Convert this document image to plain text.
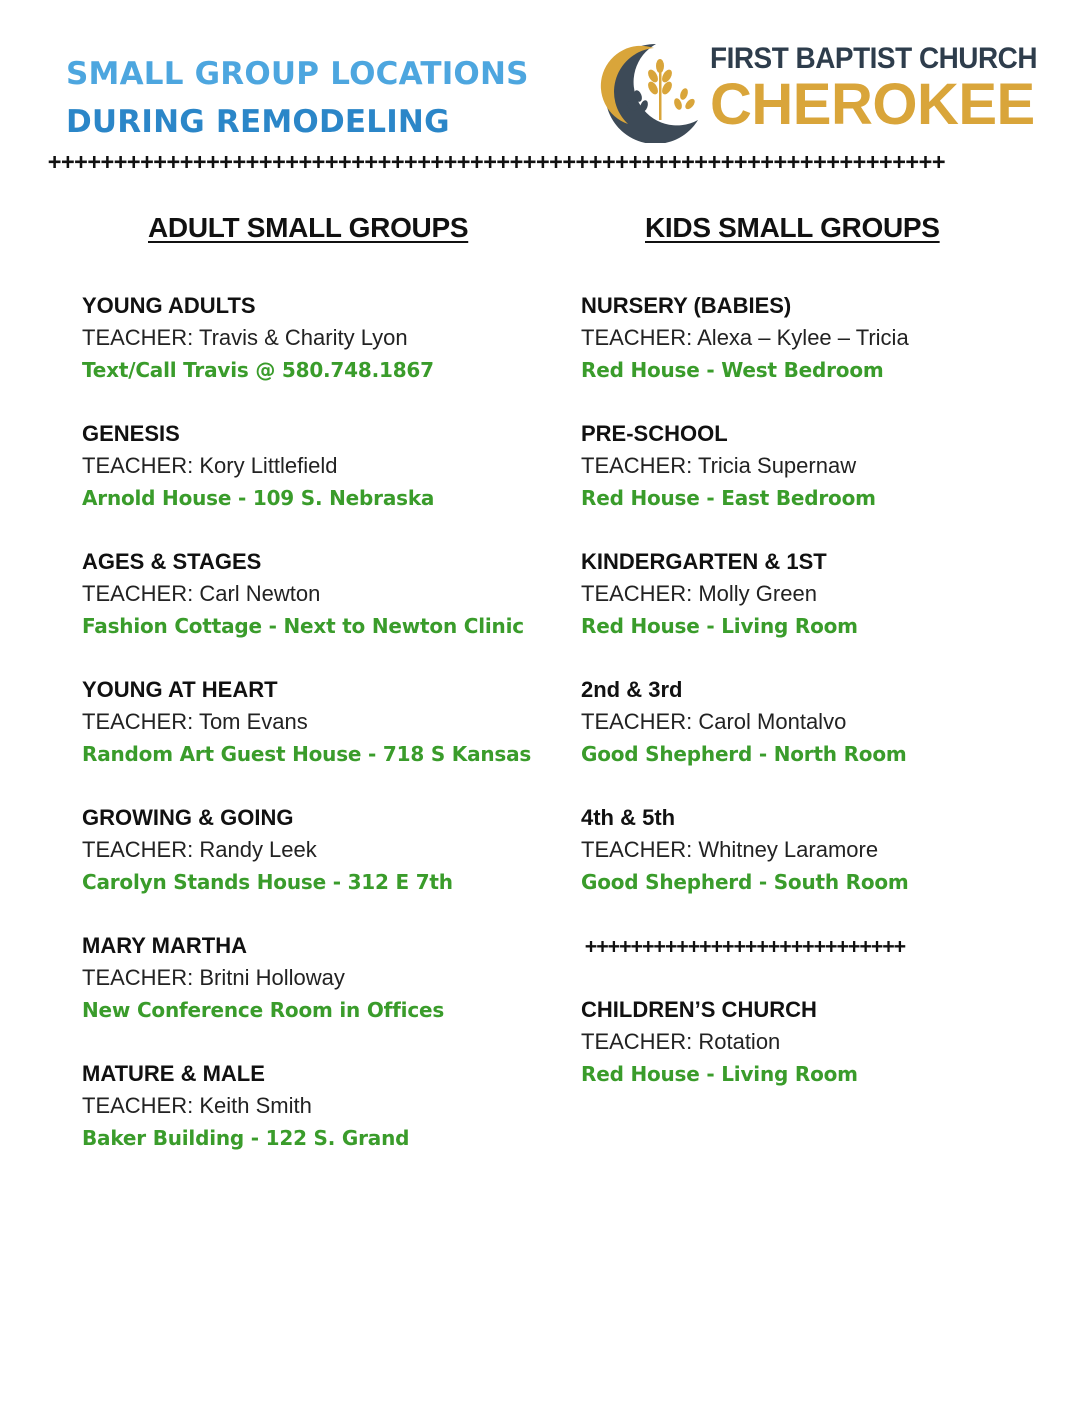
SMALL GROUP LOCATIONS
DURING REMODELING
FIRST BAPTIST CHURCH
CHEROKEE
++++++++++++++++++++++++++++++++++++++++++++++++++++++++++++++++++++
ADULT SMALL GROUPS
YOUNG ADULTS
TEACHER: Travis & Charity Lyon
Text/Call Travis @ 580.748.1867
GENESIS
TEACHER: Kory Littlefield
Arnold House - 109 S. Nebraska
AGES & STAGES
TEACHER: Carl Newton
Fashion Cottage - Next to Newton Clinic
YOUNG AT HEART
TEACHER: Tom Evans
Random Art Guest House - 718 S Kansas
GROWING & GOING
TEACHER: Randy Leek
Carolyn Stands House - 312 E 7th
MARY MARTHA
TEACHER: Britni Holloway
New Conference Room in Offices
MATURE & MALE
TEACHER: Keith Smith
Baker Building - 122 S. Grand
KIDS SMALL GROUPS
NURSERY (BABIES)
TEACHER: Alexa – Kylee – Tricia
Red House - West Bedroom
PRE-SCHOOL
TEACHER: Tricia Supernaw
Red House - East Bedroom
KINDERGARTEN & 1ST
TEACHER: Molly Green
Red House - Living Room
2nd & 3rd
TEACHER: Carol Montalvo
Good Shepherd - North Room
4th & 5th
TEACHER: Whitney Laramore
Good Shepherd - South Room
++++++++++++++++++++++++++++
CHILDREN’S CHURCH
TEACHER: Rotation
Red House - Living Room
